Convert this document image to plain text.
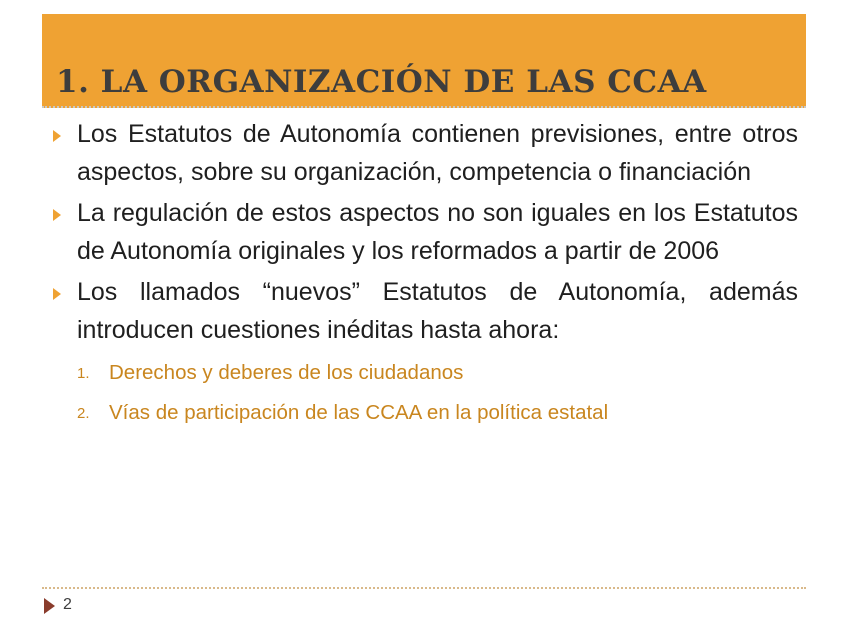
1. LA ORGANIZACIÓN DE LAS CCAA

Los Estatutos de Autonomía contienen previsiones, entre otros aspectos, sobre su organización, competencia o financiación

La regulación de estos aspectos no son iguales en los Estatutos de Autonomía originales y los reformados a partir de 2006

Los llamados “nuevos” Estatutos de Autonomía, además introducen cuestiones inéditas hasta ahora:

1. Derechos y deberes de los ciudadanos
2. Vías de participación de las CCAA en la política estatal
2
